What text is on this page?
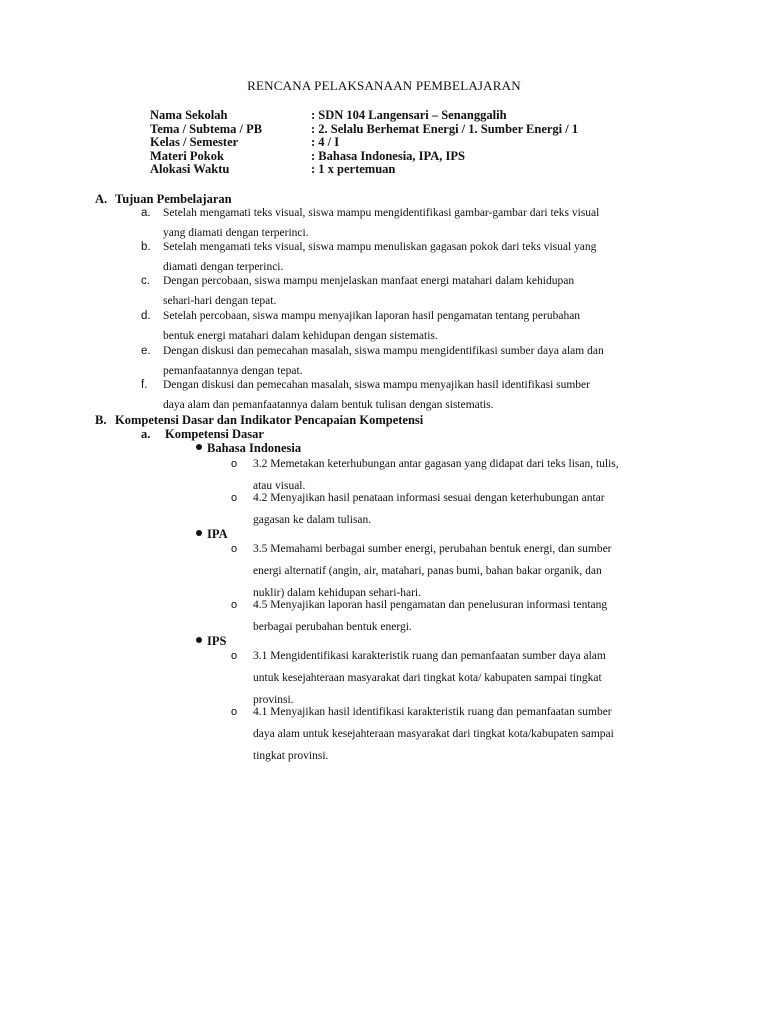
RENCANA PELAKSANAAN PEMBELAJARAN
Nama Sekolah	: SDN 104 Langensari – Senanggalih
Tema / Subtema / PB	: 2. Selalu Berhemat Energi / 1. Sumber Energi / 1
Kelas / Semester	: 4 / I
Materi Pokok	: Bahasa Indonesia, IPA, IPS
Alokasi Waktu	: 1 x pertemuan
A. Tujuan Pembelajaran
a. Setelah mengamati teks visual, siswa mampu mengidentifikasi gambar-gambar dari teks visual
yang diamati dengan terperinci.
b. Setelah mengamati teks visual, siswa mampu menuliskan gagasan pokok dari teks visual yang
diamati dengan terperinci.
c. Dengan percobaan, siswa mampu menjelaskan manfaat energi matahari dalam kehidupan
sehari-hari dengan tepat.
d. Setelah percobaan, siswa mampu menyajikan laporan hasil pengamatan tentang perubahan
bentuk energi matahari dalam kehidupan dengan sistematis.
e. Dengan diskusi dan pemecahan masalah, siswa mampu mengidentifikasi sumber daya alam dan
pemanfaatannya dengan tepat.
f. Dengan diskusi dan pemecahan masalah, siswa mampu menyajikan hasil identifikasi sumber
daya alam dan pemanfaatannya dalam bentuk tulisan dengan sistematis.
B. Kompetensi Dasar dan Indikator Pencapaian Kompetensi
a. Kompetensi Dasar
Bahasa Indonesia
o 3.2 Memetakan keterhubungan antar gagasan yang didapat dari teks lisan, tulis,
atau visual.
o 4.2 Menyajikan hasil penataan informasi sesuai dengan keterhubungan antar
gagasan ke dalam tulisan.
IPA
o 3.5 Memahami berbagai sumber energi, perubahan bentuk energi, dan sumber
energi alternatif (angin, air, matahari, panas bumi, bahan bakar organik, dan
nuklir) dalam kehidupan sehari-hari.
o 4.5 Menyajikan laporan hasil pengamatan dan penelusuran informasi tentang
berbagai perubahan bentuk energi.
IPS
o 3.1 Mengidentifikasi karakteristik ruang dan pemanfaatan sumber daya alam
untuk kesejahteraan masyarakat dari tingkat kota/ kabupaten sampai tingkat
provinsi.
o 4.1 Menyajikan hasil identifikasi karakteristik ruang dan pemanfaatan sumber
daya alam untuk kesejahteraan masyarakat dari tingkat kota/kabupaten sampai
tingkat provinsi.
